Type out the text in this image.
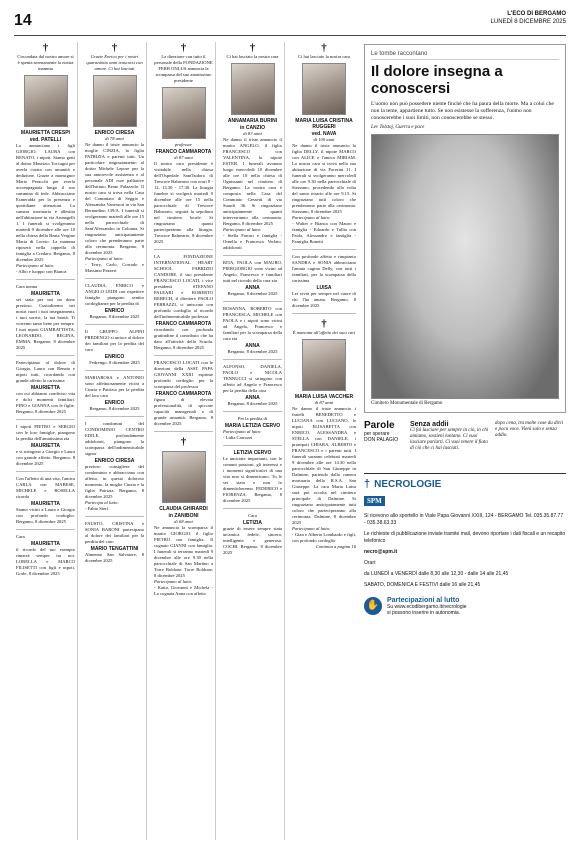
14	L'ECO DI BERGAMO
LUNEDÌ 8 DICEMBRE 2025
†
Circondata dal nostro amore si è spenta serenamente la nostra mamma
MAURIETTA CRESPI
ved. PATELLI
Lo annunciano i figli GIORGIO, LAURA con RENATO, i nipoti. Siamo grati al dottor Maurizio Toccagni per averla curata con umanità e dedizione. Grazie a monsignor Mario Peracchi per everla accompagnata lungo il suo cammino di fede. Abbracciano Esmeralda per la presenza e quotidiane attenzioni. La camera mortuaria è allestita nell'abitazione in via Arunagelli 1. I funerali si svolgeranno martedì 9 dicembre alle ore 10 nella chiesa della Beata Vergine Maria di Loreto. La mamma riposerà nella cappella di famiglia a Credaro. Bergamo, 8 dicembre 2025
Partecipano al lutto:
- Albo e luoppo con Bianca
Cara nonna
MAURIETTA
sei stata per noi un dono prezioso. Custodiremo nei nostri cuori i tuoi insegnamenti, i tuoi sorrisi, la tua bontà. Ti vorremo tanto bene per sempre. I tuoi nipoti GIAMBATTISTA, LEONARDO, REGINA, EMMA. Bergamo, 8 dicembre 2025
Partecipiamo al dolore di Giorgio, Laura con Renato e nipoti tutti, ricordando con grande affetto la carissima
MAURIETTA
con cui abbiamo condiviso vita e dolci momenti familiari. PINO e GIANNA con le figlie. Bergamo, 8 dicembre 2025
I nipoti PIETRO e SERGIO con le loro famiglie, piangono la perdita dell'amatissima zia
MAURIETTA
e si stringono a Giorgio e Laura con grande affetto. Bergamo, 8 dicembre 2025
Con l'affetto di una vita, l'amica CARLA con MABESE, MICHELE e ROSELLA ricorda
MAURIETTA
Siamo vicini a Laura e Giorgio con profondo cordoglio. Bergamo, 8 dicembre 2025
Cara
MAURIETTA
il ricordo del tuo esempio rimarrà sempre tra noi. LORELLA e MARCO FILISETTI con figli e nipoti. Gorle, 8 dicembre 2025
†
Grazie Enrico per i nostri quarantotto anni trascorsi con amore. Ci hai lasciati
ENRICO CIRESA
di 78 anni
Ne danno il triste annuncio la moglie CINZIA, la figlia PATRIZIA e parenti tutti. Un particolare ringraziamento al dottor Michele Lepore per la sua amorevole assistenza e al personale ADI cure palliative dell'Istituto Beato Palazzolo. Il nostro caro si trova nella Casa del Commiato di Seggio e Alessandra Vanessori in via San Bernardino 139/A. I funerali si svolgeranno martedì alle ore 15 nella parrocchiale di Sant'Alessandro in Colonna. Si ringraziano anticipatamente coloro che prenderanno parte alla cerimonia. Bergamo, 8 dicembre 2025
Partecipano al lutto:
- Terry, Carlo, Corrado e Massimo Pazzeri
CLAUDIA, ENRICO e ANGELO LEIDI con rispettive famiglie piangono sentito cordoglianze per la perdita di
ENRICO
Bergamo, 8 dicembre 2025
Il GRUPPO ALPINI PREDENGO si unisce al dolore dei familiari per la perdita del caro
ENRICO
Fedrengo, 8 dicembre 2025
MARIAROSA e ANTONIO sono affettuosamente vicini a Cinzia e Patrizia per la perdita del loro caro
ENRICO
Bergamo, 8 dicembre 2025
I condomini del CONDOMINIO CENTRO EDILE, profondamente addolorati, piangono la scomparsa dell'indimenticabile signor
ENRICO CIRESA
prezioso consigliere del condominio e abbracciano con affetto, in questo doloroso momento, la moglie Cinzia e la figlia Patrizia. Bergamo, 8 dicembre 2025
Partecipa al lutto:
- Fabio Sieri
FAUSTO, CRISTINA e SONIA BARONI partecipano al dolore dei familiari per la perdita del caro
MARIO TENGATTINI
Almenno San Salvatore, 8 dicembre 2025
†
La direzione con tutto il personale della FONDAZIONE FERB ONLUS annuncia la scomparsa del suo amatissimo presidente
professor
FRANCO CAMMAROTA
di 87 anni
Il nostro caro presidente è visitabile nella chiesa dell'Ospedale Sant'Isidoro di Trescore Balneario con orari 8 - 12, 13.30 - 17.30. La liturgia funebre si svolgerà martedì 9 dicembre alle ore 15 nella parrocchiale di Trescore Balneario, seguirà la sepoltura nel cimitero locale. Si ringraziano quanti parteciperanno alla liturgia. Trescore Balneario, 8 dicembre 2025
LA FONDAZIONE INTERNATIONAL HEART SCHOOL FABRIZIO CANDORE, il suo presidente FRANCESCO LOCATI, i vice presidenti STEFANO PALEARI e ROBERTO REBECH, il direttore PAOLO FERRAZZI, ci uniscono con profondo cordoglio al ricordo dell'indimenticabile professor
FRANCO CAMMAROTA
ricordando con profonda gratitudine il contributo che ha dato all'attività della Scuola. Bergamo, 8 dicembre 2025
FRANCESCO LOCATI con le direzioni della ASST PAPA GIOVANNI XXIII esprime profondo cordoglio per la scomparsa del professor
FRANCO CAMMAROTA
figura di elevata professionalità, di spiccate capacità manageriali e di grande umanità. Bergamo, 8 dicembre 2025
†
CLAUDIA GHIRARDI
in ZANIBONI
di 68 anni
Ne annuncia la scomparsa il marito GIORGIO, il figlio PIETRO con famiglia. Il cognato GIANNI con famiglia. I funerali si terranno martedì 9 dicembre alle ore 9.30 nella parrocchiale di San Martino a Torre Boldone. Torre Boldone, 8 dicembre 2025
Partecipano al lutto:
- Katia, Giovanni e Michela - La cognata Anna con affetto
†
Ci hai lasciato la nostra cara
ANNAMARIA BURINI
in CANZIO
di 83 anni
Ne danno il triste annuncio il marito ANGELO, il figlio FRANCESCO con VALENTINA, la nipote ESTER. I funerali avranno luogo mercoledì 10 dicembre alle ore 10 nella chiesa di Ognissanti nel cimitero di Bergamo. La nostra cara è composta nella Casa del Commiato Gessetti di via Suardi 36. Si ringraziano anticipatamente quanti interverranno alla cerimonia. Bergamo, 8 dicembre 2025
Partecipano al lutto:
- Stella Farrari e famiglia - Ornella e Francesco Verlato, addolorati
RITA, PAOLA con MAURO, PIERGIORGIO sono vicini ad Angelo, Francesco e familiari tutti nel ricordo della cara zia
ANNA
Bergamo, 8 dicembre 2025
ROSANNA, ROBERTO con FRANCESCA, MICHELE con PAOLA e i nipoti sono vicini ad Angelo, Francesco e familiari per la scomparsa della cara zia
ANNA
Bergamo, 8 dicembre 2025
ALFONSO, DANIELA, PAOLO e NICOLA TENNUCCI si stringono con affetto ad Angelo e Francesco per la perdita della cara
ANNA
Bergamo, 8 dicembre 2025
Per la perdita di
MARIA LETIZIA CERVO
Partecipano al lutto:
- Lidia Carrozzi
LETIZIA CERVO
Le amiciate importanti, con le comuni passioni, gli interessi e i momenti significativi di una vita non si dimenticano. Tu le sei stata e non lo dimenticheremo. FEDERICO e FIORENZA. Bergamo, 8 dicembre 2025
Cara
LETIZIA
grazie di essere sempre stata un'amica fedele, sincera, intelligente e generosa. COCHI. Bergamo, 8 dicembre 2025
†
Ci hai lasciato la nostra cara
MARIA LUISA CRISTINA RUGGERI
ved. NAVA
di 100 anni
Ne danno il triste annuncio la figlia DELLY, il nipote MARCO con ALICE e l'amica MIRIAM. La nostra cara si trova nella sua abitazione di via Pacerini 11. I funerali si svolgeranno mercoledì alle ore 9.30 nella parrocchiale di Stezzano, procedendo alla volta del santo rosario alle ore 9.15. Si ringraziano tutti coloro che prenderanno parte alla cerimonia. Stezzano, 8 dicembre 2025
Partecipano al lutto:
- Walter e Bianca con Mauro e famiglia - Edoardo e Tullia con Paola, Alessandro e famiglia - Famiglia Bonetti
Con profondo affetto e rimpianto SANDRA e SONIA abbracciano l'amata cugina Delly, con tutti i familiari, per la scomparsa della carissima
LUISA
Lei vivrà per sempre nel cuore di chi l'ha amata. Bergamo, 8 dicembre 2025
†
È mancata all'affetto dei suoi cari
MARIA LUISA VACCHER
di 87 anni
Ne danno il triste annuncio i fratelli BENEDETTO e LUCIANA con LUCIANO, le nipoti ELISABETTA con ENRICO, ALESSANDRA e STELLA con DANIELE, i pronipoti CHIARA, ALBERTO e FRANCESCO e i parenti tutti. I funerali saranno celebrati martedì 9 dicembre alle ore 14.30 nella parrocchiale di San Giuseppe in Dalmine, partendo dalla camera mortuaria della R.S.A. San Giuseppe. La cara Maria Luisa sarà poi accolta nel cimitero principale di Dalmine. Si ringraziano anticipatamente tutti coloro che parteciperanno alla cerimonia. Dalmine, 8 dicembre 2025
Partecipano al lutto:
- Gian e Alberto Lombardo e figli, con profondo cordoglio
Continua a pagina 16
Le tombe raccontano
Il dolore insegna a conoscersi
L'uomo non può possedere niente finché che ha paura della morte. Ma a colui che non la teme, appartiene tutto. Se non esistesse la sofferenza, l'uomo non conoscerebbe i suoi limiti, non conoscerebbe se stesso.
Lev Tolstoj, Guerra e pace
Cimitero Monumentale di Bergamo
Parole
per sperare
DON PALAGIO
Senza addii
Ci fai lasciare per sempre in ciò, in chi amiamo, sostieni lontano. Ci vuoi lasciare parlarti. Ci vuoi tenere il fiato di ciò che ci hai lasciati.
dopo cena, tra molte cose da dirci e poca voce. Vieni solo e senza addio.
† NECROLOGIE
SPM

Si ricevono allo sportello in Viale Papa Giovanni XXIII, 124 - BERGAMO Tel. 035.35.87.77 - 035.38.63.33

Le richieste di pubblicazione inviate tramite mail, devono riportare i dati fiscali e un recapito telefonico

necro@spm.it

Orari:

da LUNEDÌ a VENERDÌ dalle 8,30 alle 12,30 - dalle 14 alle 21,45

SABATO, DOMENICA E FESTIVI dalle 16 alle 21,45

✋	Partecipazioni al lutto
Su www.ecodibergamo.it/necrologie
si possono inserire in autonomia.
